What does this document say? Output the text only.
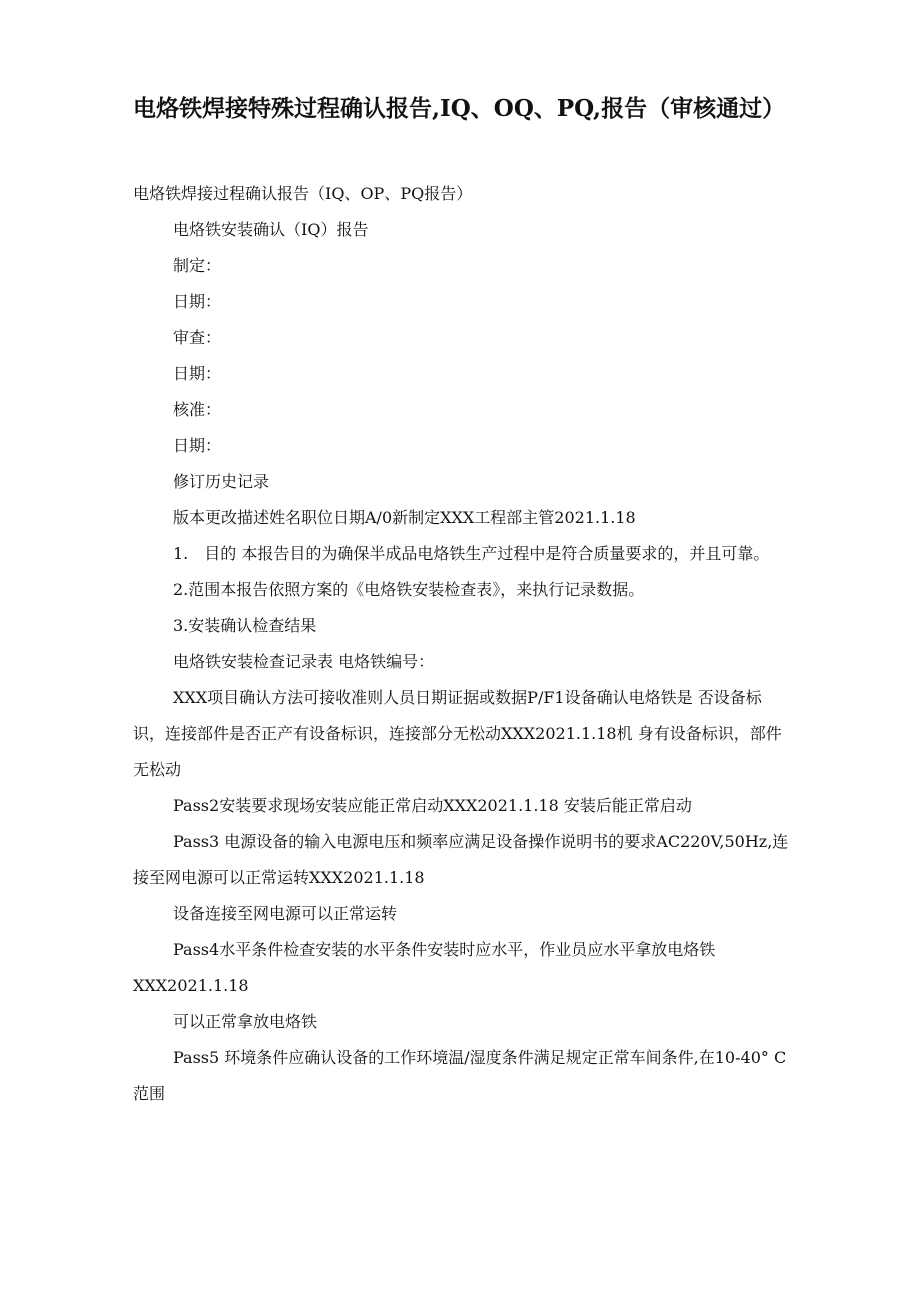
电烙铁焊接特殊过程确认报告,IQ、OQ、PQ,报告（审核通过）

电烙铁焊接过程确认报告（IQ、OP、PQ报告）

电烙铁安装确认（IQ）报告

制定：

日期：

审查：

日期：

核准：

日期：

修订历史记录

版本更改描述姓名职位日期A/0新制定XXX工程部主管2021.1.18

1.　目的 本报告目的为确保半成品电烙铁生产过程中是符合质量要求的，并且可靠。

2.范围本报告依照方案的《电烙铁安装检查表》，来执行记录数据。

3.安装确认检查结果

电烙铁安装检查记录表 电烙铁编号：

XXX项目确认方法可接收准则人员日期证据或数据P/F1设备确认电烙铁是 否设备标识，连接部件是否正产有设备标识，连接部分无松动XXX2021.1.18机 身有设备标识，部件无松动

Pass2安装要求现场安装应能正常启动XXX2021.1.18 安装后能正常启动

Pass3 电源设备的输入电源电压和频率应满足设备操作说明书的要求AC220V,50Hz,连接至网电源可以正常运转XXX2021.1.18

设备连接至网电源可以正常运转

Pass4水平条件检查安装的水平条件安装时应水平，作业员应水平拿放电烙铁 XXX2021.1.18

可以正常拿放电烙铁

Pass5 环境条件应确认设备的工作环境温/湿度条件满足规定正常车间条件,在10-40° C范围
